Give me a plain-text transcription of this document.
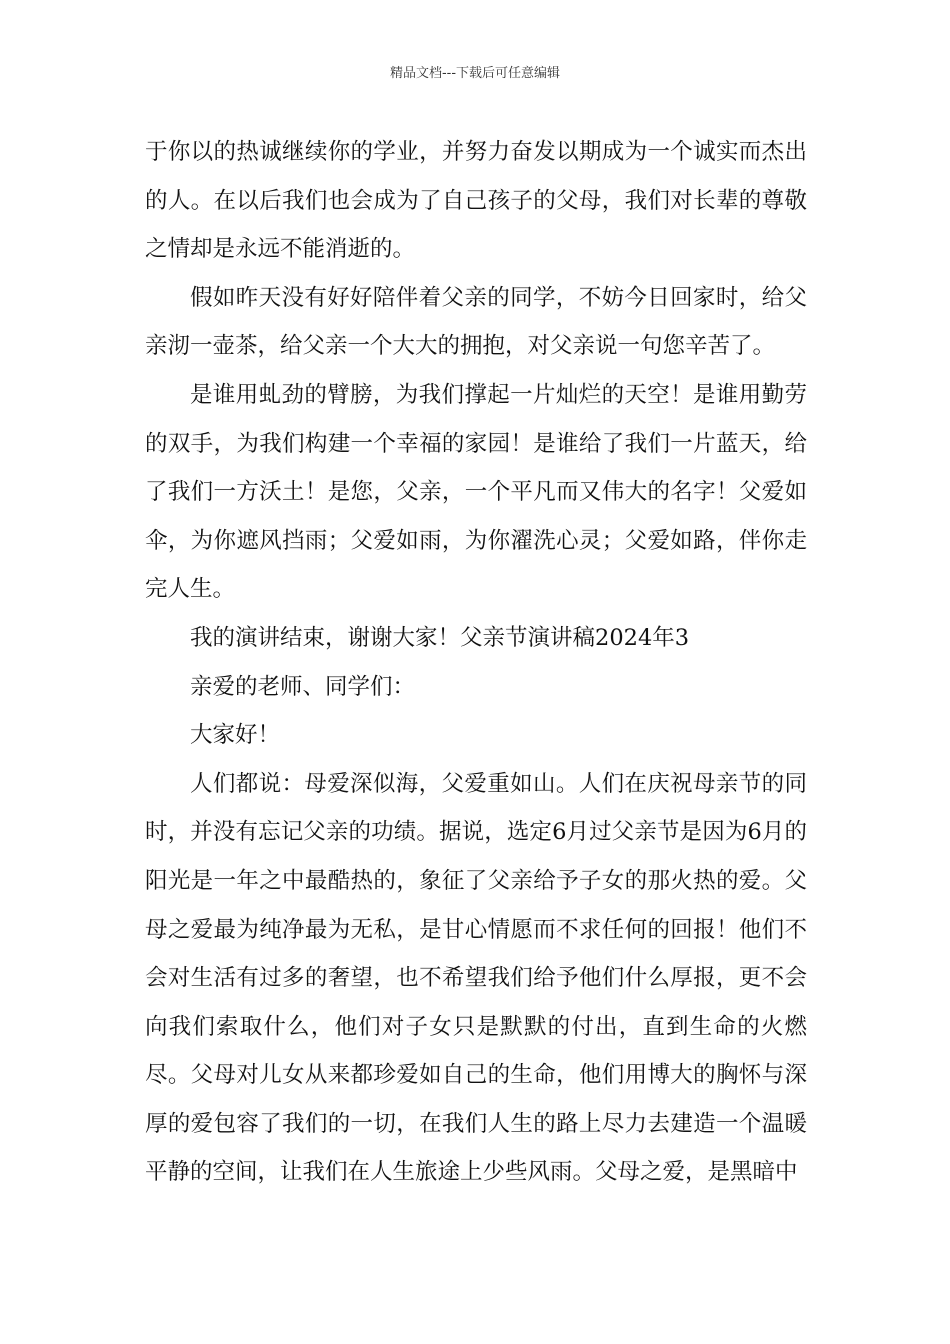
精品文档---下载后可任意编辑

于你以的热诚继续你的学业，并努力奋发以期成为一个诚实而杰出的人。在以后我们也会成为了自己孩子的父母，我们对长辈的尊敬之情却是永远不能消逝的。

假如昨天没有好好陪伴着父亲的同学，不妨今日回家时，给父亲沏一壶茶，给父亲一个大大的拥抱，对父亲说一句您辛苦了。

是谁用虬劲的臂膀，为我们撑起一片灿烂的天空！是谁用勤劳的双手，为我们构建一个幸福的家园！是谁给了我们一片蓝天，给了我们一方沃土！是您，父亲，一个平凡而又伟大的名字！父爱如伞，为你遮风挡雨；父爱如雨，为你濯洗心灵；父爱如路，伴你走完人生。

我的演讲结束，谢谢大家！父亲节演讲稿2024年3

亲爱的老师、同学们：

大家好！

人们都说：母爱深似海，父爱重如山。人们在庆祝母亲节的同时，并没有忘记父亲的功绩。据说，选定6月过父亲节是因为6月的阳光是一年之中最酷热的，象征了父亲给予子女的那火热的爱。父母之爱最为纯净最为无私，是甘心情愿而不求任何的回报！他们不会对生活有过多的奢望，也不希望我们给予他们什么厚报，更不会向我们索取什么，他们对子女只是默默的付出，直到生命的火燃尽。父母对儿女从来都珍爱如自己的生命，他们用博大的胸怀与深厚的爱包容了我们的一切，在我们人生的路上尽力去建造一个温暖平静的空间，让我们在人生旅途上少些风雨。父母之爱，是黑暗中
